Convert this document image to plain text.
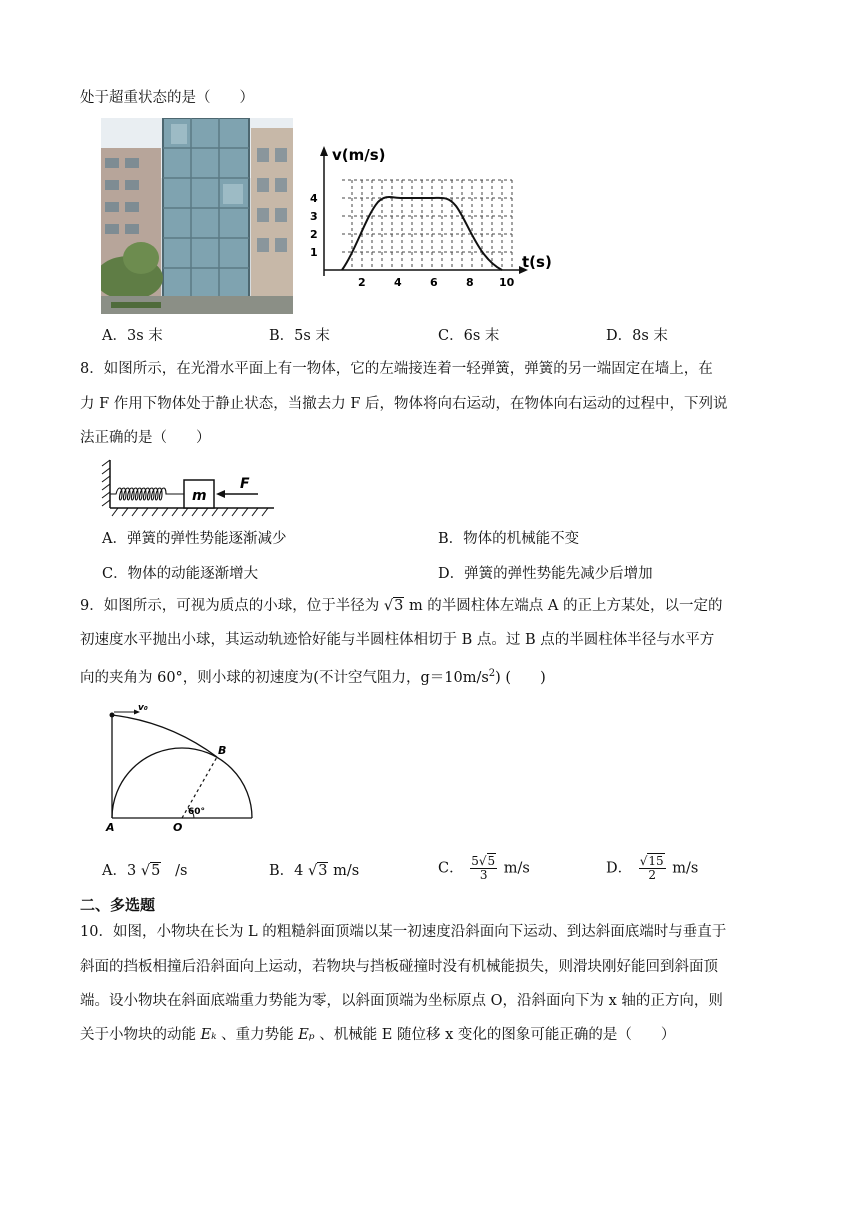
处于超重状态的是（　　）
v(m/s)
t(s)
1
2
3
4
2	4	6	8 10
A．3s 末	B．5s 末	C．6s 末	D．8s 末
8．如图所示，在光滑水平面上有一物体，它的左端接连着一轻弹簧，弹簧的另一端固定在墙上，在
力 F 作用下物体处于静止状态，当撤去力 F 后，物体将向右运动，在物体向右运动的过程中，下列说
法正确的是（　　）
m
F
A．弹簧的弹性势能逐渐减少	B．物体的机械能不变
C．物体的动能逐渐增大	D．弹簧的弹性势能先减少后增加
9．如图所示，可视为质点的小球，位于半径为 √3 m 的半圆柱体左端点 A 的正上方某处，以一定的
初速度水平抛出小球，其运动轨迹恰好能与半圆柱体相切于 B 点。过 B 点的半圆柱体半径与水平方
向的夹角为 60°，则小球的初速度为(不计空气阻力，$g=10m/s^2$) (　　)
v₀
60°
B
A	O
A．3 √5 /s	B．4 √3 m/s	C． $\frac{5√5}{3} m/s$	D． $\frac{√15}{2} m/s$
二、多选题
10．如图，小物块在长为 L 的粗糙斜面顶端以某一初速度沿斜面向下运动、到达斜面底端时与垂直于
斜面的挡板相撞后沿斜面向上运动，若物块与挡板碰撞时没有机械能损失，则滑块刚好能回到斜面顶
端。设小物块在斜面底端重力势能为零，以斜面顶端为坐标原点 O，沿斜面向下为 x 轴的正方向，则
关于小物块的动能 Eₖ 、重力势能 Eₚ 、机械能 E 随位移 x 变化的图象可能正确的是（　　）
